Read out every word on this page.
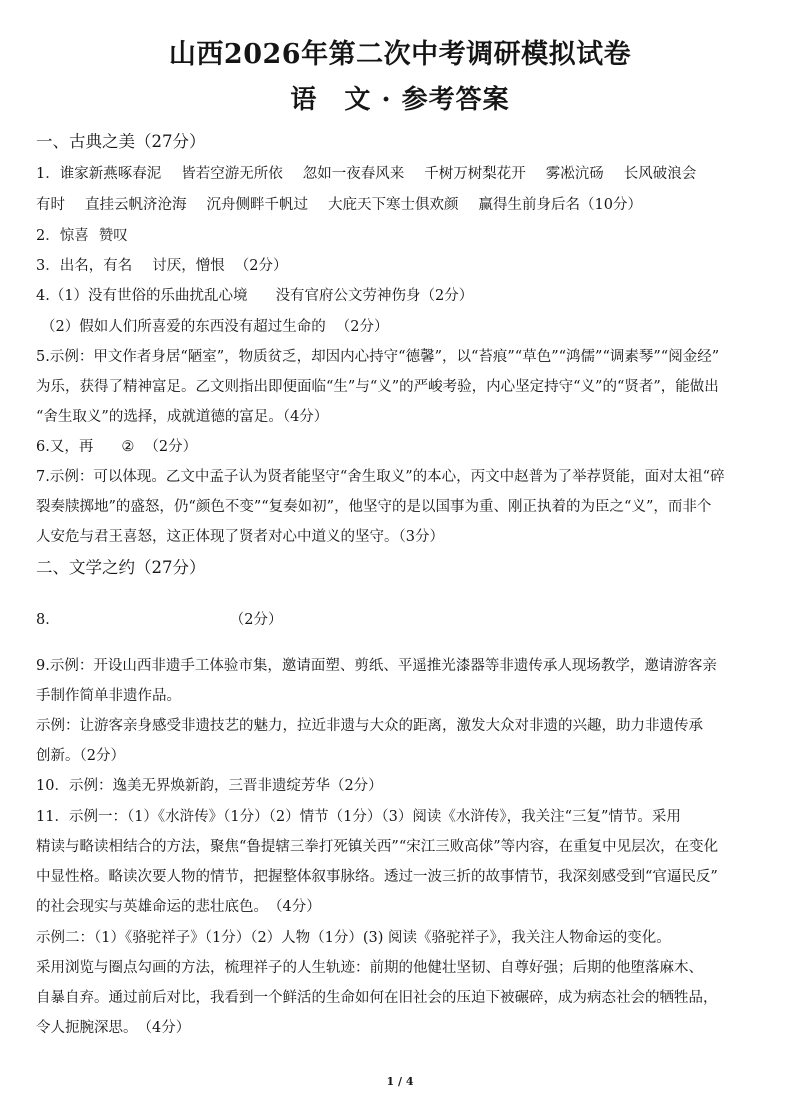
山西2026年第二次中考调研模拟试卷
语　文 · 参考答案
一、古典之美（27分）
1．谁家新燕啄春泥 皆若空游无所依 忽如一夜春风来 千树万树梨花开 雾凇沆砀 长风破浪会
有时 直挂云帆济沧海 沉舟侧畔千帆过 大庇天下寒士俱欢颜 赢得生前身后名（10分）
2．惊喜 赞叹
3．出名，有名 讨厌，憎恨 （2分）
4.（1）没有世俗的乐曲扰乱心境 没有官府公文劳神伤身（2分）
（2）假如人们所喜爱的东西没有超过生命的 （2分）
5.示例：甲文作者身居“陋室”，物质贫乏，却因内心持守“德馨”，以“苔痕”“草色”“鸿儒”“调素琴”“阅金经”
为乐，获得了精神富足。乙文则指出即便面临“生”与“义”的严峻考验，内心坚定持守“义”的“贤者”，能做出
“舍生取义”的选择，成就道德的富足。（4分）
6.又，再 ② （2分）
7.示例：可以体现。乙文中孟子认为贤者能坚守“舍生取义”的本心，丙文中赵普为了举荐贤能，面对太祖“碎
裂奏牍掷地”的盛怒，仍“颜色不变”“复奏如初”，他坚守的是以国事为重、刚正执着的为臣之“义”，而非个
人安危与君王喜怒，这正体现了贤者对心中道义的坚守。（3分）
二、文学之约（27分）
8．	（2分）
9.示例：开设山西非遗手工体验市集，邀请面塑、剪纸、平遥推光漆器等非遗传承人现场教学，邀请游客亲
手制作简单非遗作品。
示例：让游客亲身感受非遗技艺的魅力，拉近非遗与大众的距离，激发大众对非遗的兴趣，助力非遗传承
创新。（2分）
10．示例：逸美无界焕新韵，三晋非遗绽芳华（2分）
11．示例一：（1）《水浒传》（1分）（2）情节（1分）（3）阅读《水浒传》，我关注“三复”情节。采用
精读与略读相结合的方法，聚焦“鲁提辖三拳打死镇关西”“宋江三败高俅”等内容，在重复中见层次，在变化
中显性格。略读次要人物的情节，把握整体叙事脉络。透过一波三折的故事情节，我深刻感受到“官逼民反”
的社会现实与英雄命运的悲壮底色。　（4分）
示例二：（1）《骆驼祥子》（1分）（2）人物（1分）(3) 阅读《骆驼祥子》，我关注人物命运的变化。
采用浏览与圈点勾画的方法，梳理祥子的人生轨迹：前期的他健壮坚韧、自尊好强；后期的他堕落麻木、
自暴自弃。通过前后对比，我看到一个鲜活的生命如何在旧社会的压迫下被碾碎，成为病态社会的牺牲品，
令人扼腕深思。　（4分）
1 / 4
